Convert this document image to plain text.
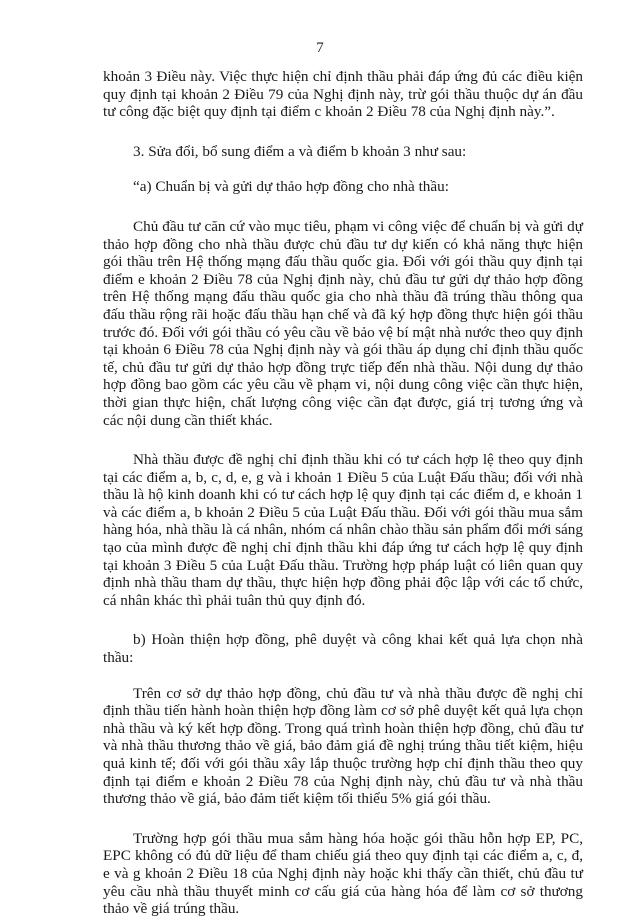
7

khoản 3 Điều này. Việc thực hiện chỉ định thầu phải đáp ứng đủ các điều kiện quy định tại khoản 2 Điều 79 của Nghị định này, trừ gói thầu thuộc dự án đầu tư công đặc biệt quy định tại điểm c khoản 2 Điều 78 của Nghị định này.”.

3. Sửa đổi, bổ sung điểm a và điểm b khoản 3 như sau:

“a) Chuẩn bị và gửi dự thảo hợp đồng cho nhà thầu:

Chủ đầu tư căn cứ vào mục tiêu, phạm vi công việc để chuẩn bị và gửi dự thảo hợp đồng cho nhà thầu được chủ đầu tư dự kiến có khả năng thực hiện gói thầu trên Hệ thống mạng đấu thầu quốc gia. Đối với gói thầu quy định tại điểm e khoản 2 Điều 78 của Nghị định này, chủ đầu tư gửi dự thảo hợp đồng trên Hệ thống mạng đấu thầu quốc gia cho nhà thầu đã trúng thầu thông qua đấu thầu rộng rãi hoặc đấu thầu hạn chế và đã ký hợp đồng thực hiện gói thầu trước đó. Đối với gói thầu có yêu cầu về bảo vệ bí mật nhà nước theo quy định tại khoản 6 Điều 78 của Nghị định này và gói thầu áp dụng chỉ định thầu quốc tế, chủ đầu tư gửi dự thảo hợp đồng trực tiếp đến nhà thầu. Nội dung dự thảo hợp đồng bao gồm các yêu cầu về phạm vi, nội dung công việc cần thực hiện, thời gian thực hiện, chất lượng công việc cần đạt được, giá trị tương ứng và các nội dung cần thiết khác.

Nhà thầu được đề nghị chỉ định thầu khi có tư cách hợp lệ theo quy định tại các điểm a, b, c, d, e, g và i khoản 1 Điều 5 của Luật Đấu thầu; đối với nhà thầu là hộ kinh doanh khi có tư cách hợp lệ quy định tại các điểm d, e khoản 1 và các điểm a, b khoản 2 Điều 5 của Luật Đấu thầu. Đối với gói thầu mua sắm hàng hóa, nhà thầu là cá nhân, nhóm cá nhân chào thầu sản phẩm đổi mới sáng tạo của mình được đề nghị chỉ định thầu khi đáp ứng tư cách hợp lệ quy định tại khoản 3 Điều 5 của Luật Đấu thầu. Trường hợp pháp luật có liên quan quy định nhà thầu tham dự thầu, thực hiện hợp đồng phải độc lập với các tổ chức, cá nhân khác thì phải tuân thủ quy định đó.

b) Hoàn thiện hợp đồng, phê duyệt và công khai kết quả lựa chọn nhà thầu:

Trên cơ sở dự thảo hợp đồng, chủ đầu tư và nhà thầu được đề nghị chỉ định thầu tiến hành hoàn thiện hợp đồng làm cơ sở phê duyệt kết quả lựa chọn nhà thầu và ký kết hợp đồng. Trong quá trình hoàn thiện hợp đồng, chủ đầu tư và nhà thầu thương thảo về giá, bảo đảm giá đề nghị trúng thầu tiết kiệm, hiệu quả kinh tế; đối với gói thầu xây lắp thuộc trường hợp chỉ định thầu theo quy định tại điểm e khoản 2 Điều 78 của Nghị định này, chủ đầu tư và nhà thầu thương thảo về giá, bảo đảm tiết kiệm tối thiểu 5% giá gói thầu.

Trường hợp gói thầu mua sắm hàng hóa hoặc gói thầu hỗn hợp EP, PC, EPC không có đủ dữ liệu để tham chiếu giá theo quy định tại các điểm a, c, đ, e và g khoản 2 Điều 18 của Nghị định này hoặc khi thấy cần thiết, chủ đầu tư yêu cầu nhà thầu thuyết minh cơ cấu giá của hàng hóa để làm cơ sở thương thảo về giá trúng thầu.
